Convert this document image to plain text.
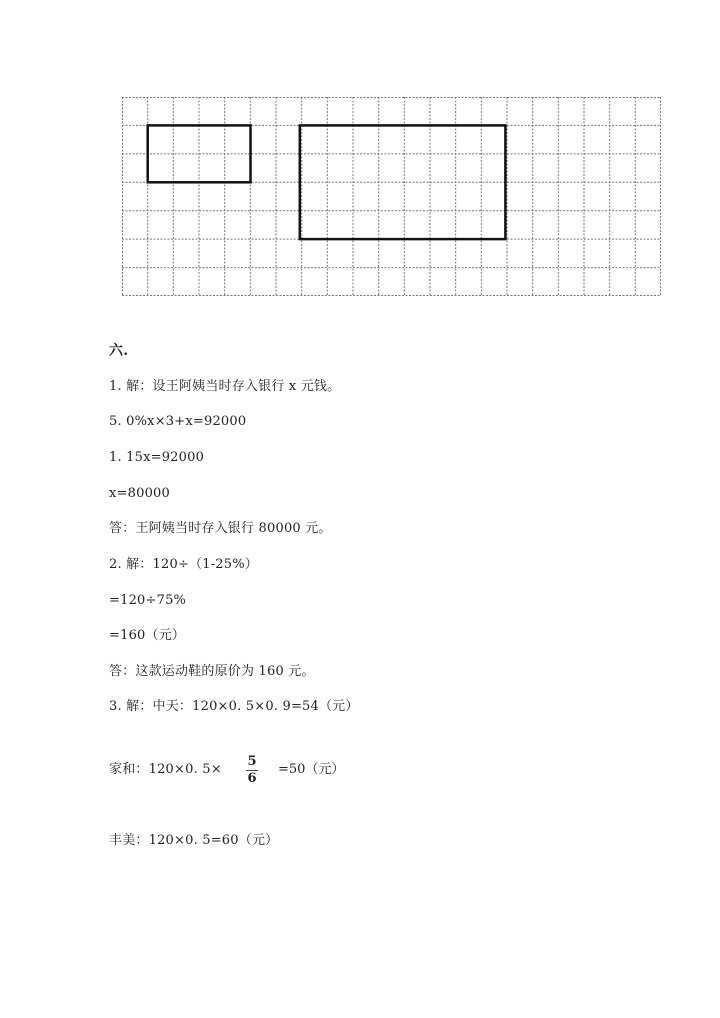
六.
1. 解：设王阿姨当时存入银行 x 元钱。
5. 0%x×3+x=92000
1. 15x=92000
x=80000
答：王阿姨当时存入银行 80000 元。
2. 解：120÷（1-25%）
=120÷75%
=160（元）
答：这款运动鞋的原价为 160 元。
3. 解：中天：120×0. 5×0. 9=54（元）
家和：120×0. 5×
5
6
=50（元）
丰美：120×0. 5=60（元）
